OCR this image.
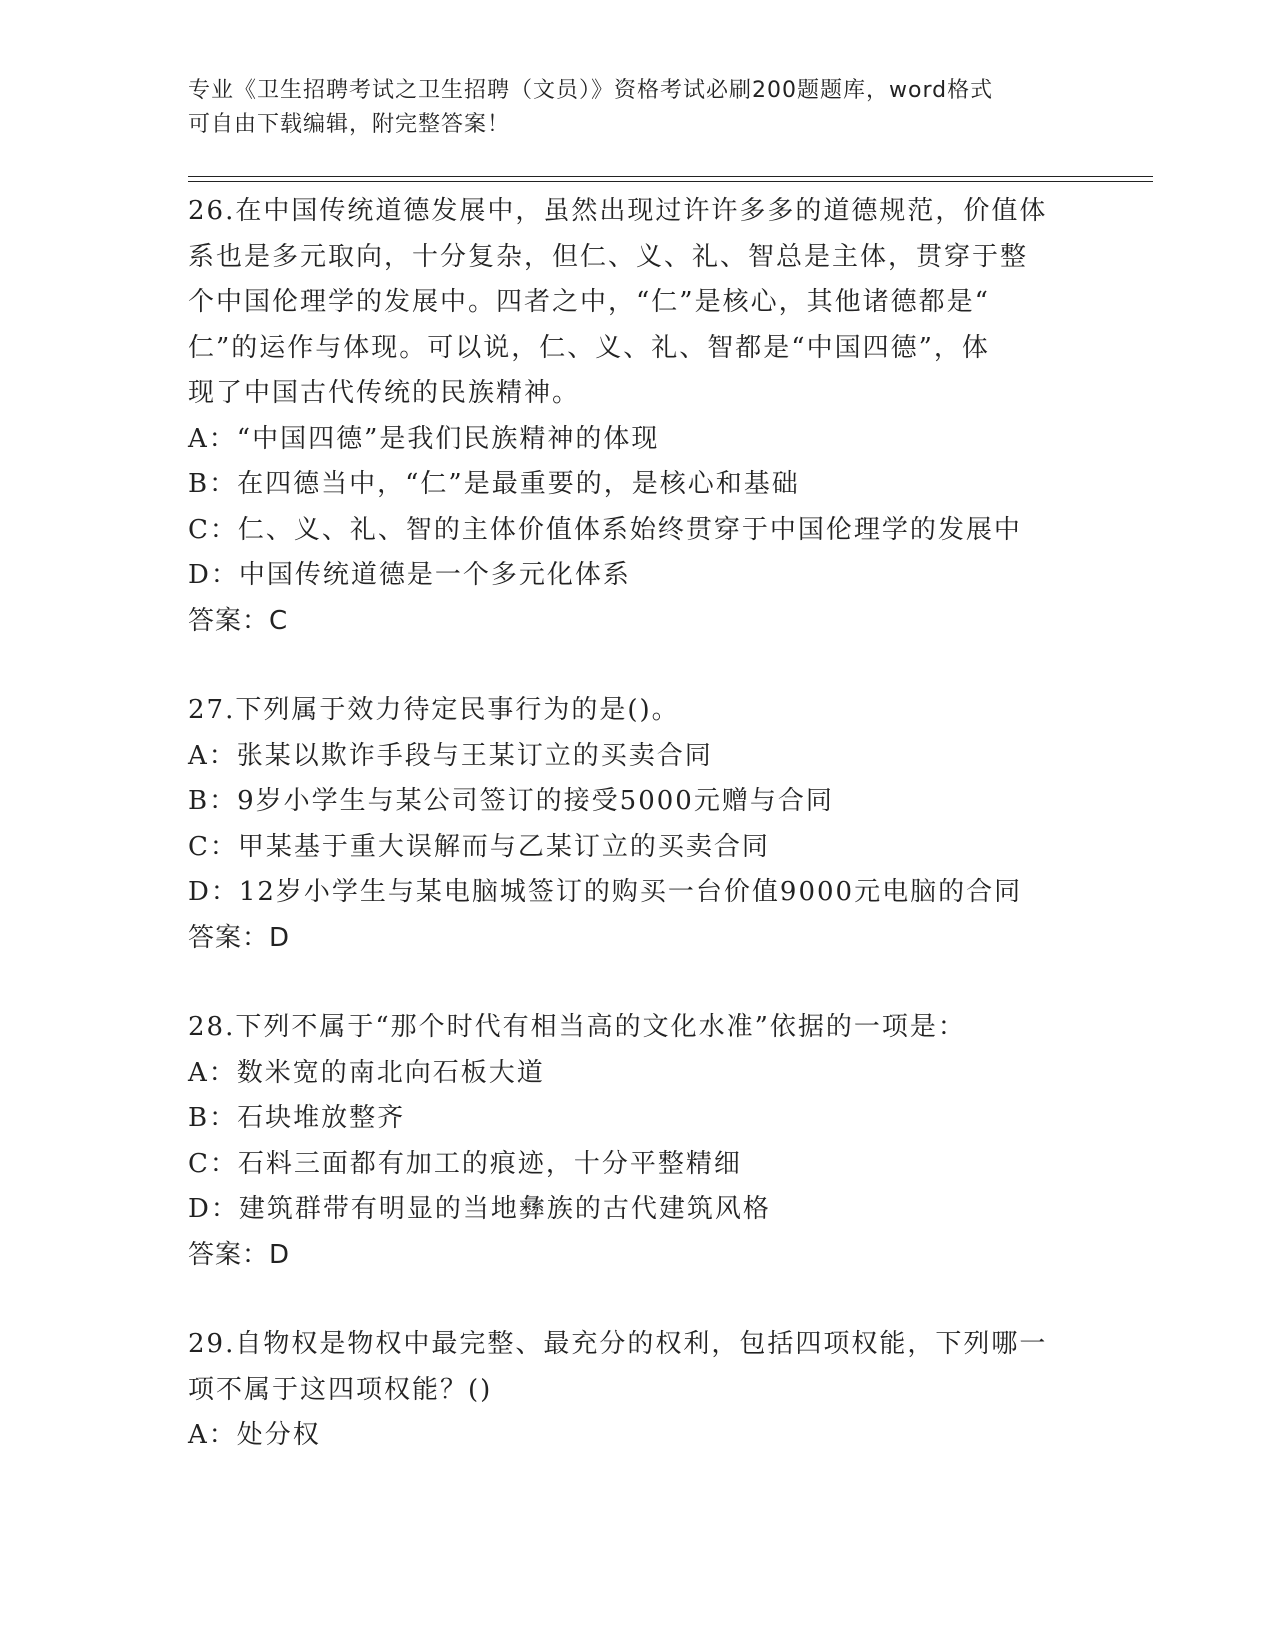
专业《卫生招聘考试之卫生招聘（文员）》资格考试必刷200题题库，word格式
可自由下载编辑，附完整答案！

26.在中国传统道德发展中，虽然出现过许许多多的道德规范，价值体

系也是多元取向，十分复杂，但仁、义、礼、智总是主体，贯穿于整

个中国伦理学的发展中。四者之中，“仁”是核心，其他诸德都是“

仁”的运作与体现。可以说，仁、义、礼、智都是“中国四德”，体

现了中国古代传统的民族精神。

A：“中国四德”是我们民族精神的体现

B：在四德当中，“仁”是最重要的，是核心和基础

C：仁、义、礼、智的主体价值体系始终贯穿于中国伦理学的发展中

D：中国传统道德是一个多元化体系

答案：C

27.下列属于效力待定民事行为的是()。

A：张某以欺诈手段与王某订立的买卖合同

B：9岁小学生与某公司签订的接受5000元赠与合同

C：甲某基于重大误解而与乙某订立的买卖合同

D：12岁小学生与某电脑城签订的购买一台价值9000元电脑的合同

答案：D

28.下列不属于“那个时代有相当高的文化水准”依据的一项是：

A：数米宽的南北向石板大道

B：石块堆放整齐

C：石料三面都有加工的痕迹，十分平整精细

D：建筑群带有明显的当地彝族的古代建筑风格

答案：D

29.自物权是物权中最完整、最充分的权利，包括四项权能，下列哪一

项不属于这四项权能？()

A：处分权
